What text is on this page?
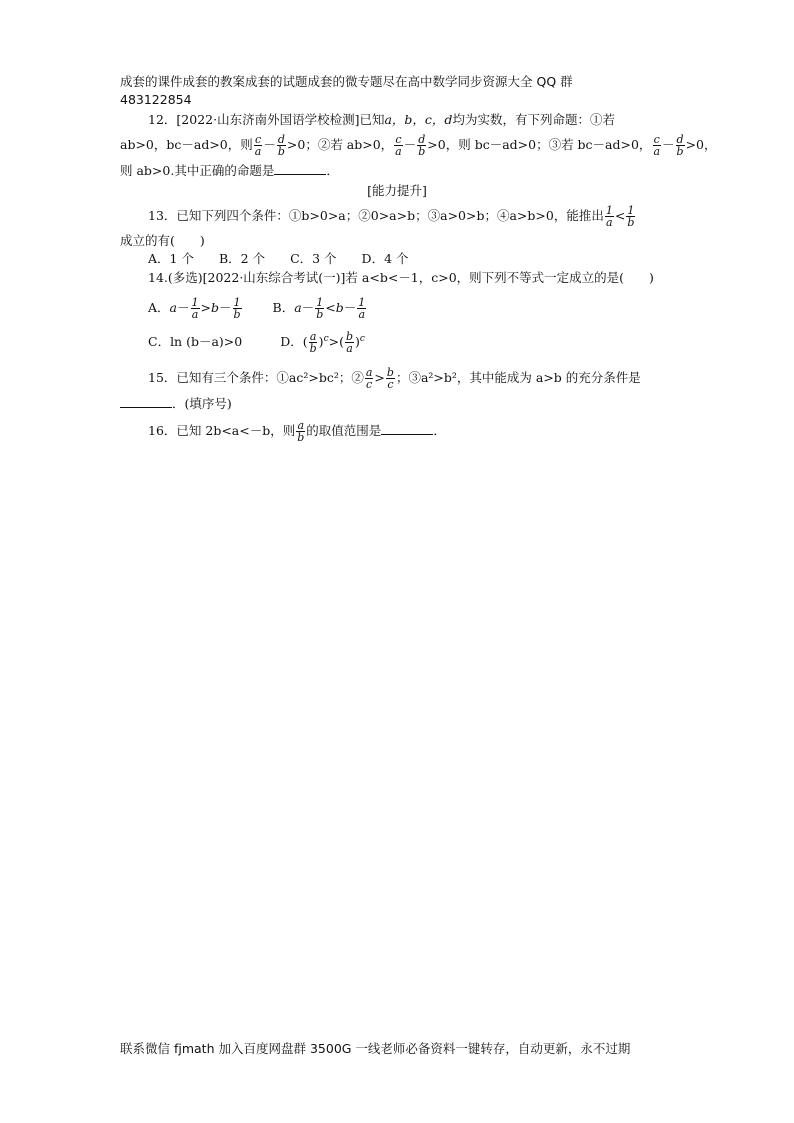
成套的课件成套的教案成套的试题成套的微专题尽在高中数学同步资源大全 QQ 群
483122854
12．[2022·山东济南外国语学校检测]已知a，b，c，d均为实数，有下列命题：①若
ab>0，bc－ad>0，则 $\frac{c}{a} - \frac{d}{b} >0$；②若 ab>0， $\frac{c}{a} - \frac{d}{b} >0$，则 bc－ad>0；③若 bc－ad>0， $\frac{c}{a} - \frac{d}{b} >0$，
则 ab>0.其中正确的命题是	．
[能力提升]
13．已知下列四个条件：①b>0>a；②0>a>b；③a>0>b；④a>b>0，能推出 $\frac{1}{a} < \frac{1}{b}$
成立的有(　　)
A．1 个　　B．2 个　　C．3 个　　D．4 个
14.(多选)[2022·山东综合考试(一)]若 a<b<－1，c>0，则下列不等式一定成立的是(　　)
A．$a- \frac{1}{a} >b- \frac{1}{b}$ B．$a- \frac{1}{b} <b- \frac{1}{a}$
C．ln (b－a)>0	D．( $\frac{a}{b} )^c>( \frac{b}{a} )^c$
15．已知有三个条件：①ac²>bc²；② $\frac{a}{c} > \frac{b}{c}$ ；③a²>b²，其中能成为 a>b 的充分条件是
．(填序号)
16．已知 2b<a<－b，则 $\frac{a}{b}$ 的取值范围是	．
联系微信 fjmath 加入百度网盘群 3500G 一线老师必备资料一键转存，自动更新，永不过期
